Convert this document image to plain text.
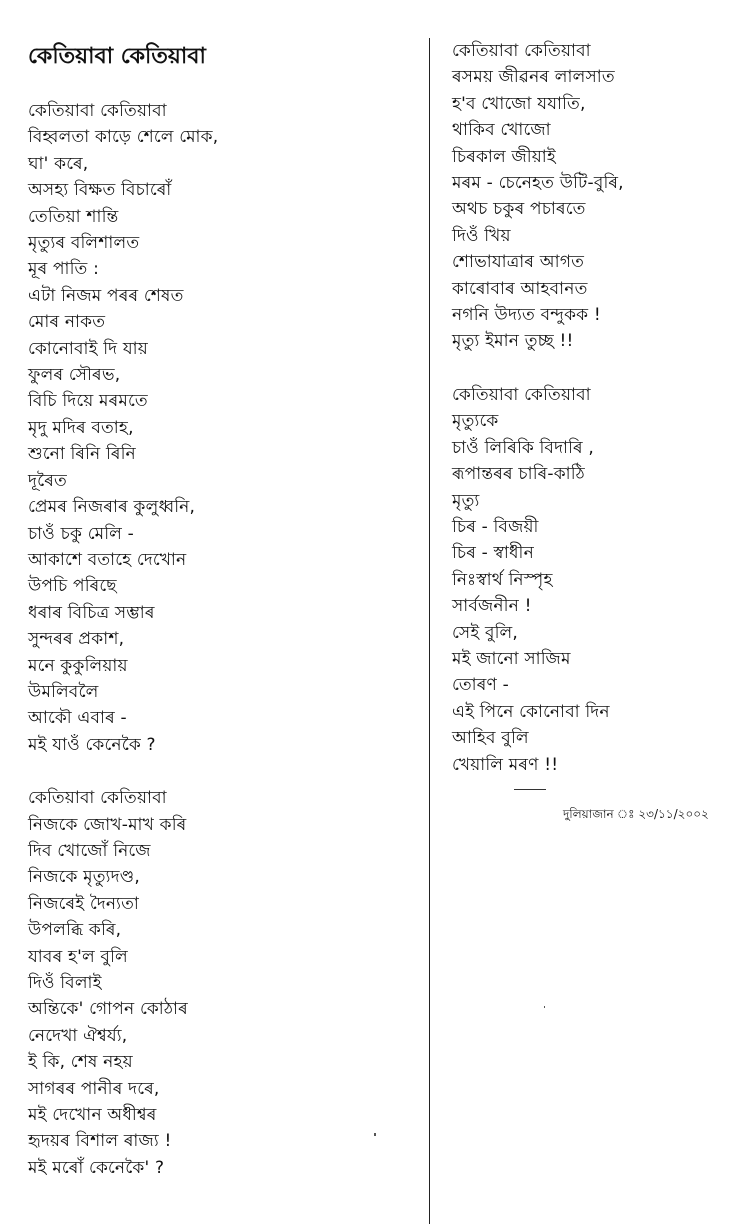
কেতিয়াবা কেতিয়াবা
কেতিয়াবা কেতিয়াবা
বিহ্বলতা কাড়ে শেলে মোক,
ঘা' কৰে,
অসহ্য বিক্ষত বিচাৰোঁ
তেতিয়া শান্তি
মৃত্যুৰ বলিশালত
মূৰ পাতি :
এটা নিজম পৰৰ শেষত
মোৰ নাকত
কোনোবাই দি যায়
ফুলৰ সৌৰভ,
বিচি দিয়ে মৰমতে
মৃদু মদিৰ বতাহ,
শুনো ৰিনি ৰিনি
দূৰৈত
প্ৰেমৰ নিজৰাৰ কুলুধ্বনি,
চাওঁ চকু মেলি -
আকাশে বতাহে দেখোন
উপচি পৰিছে
ধৰাৰ বিচিত্ৰ সম্ভাৰ
সুন্দৰৰ প্ৰকাশ,
মনে কুকুলিয়ায়
উমলিবলৈ
আকৌ এবাৰ -
মই যাওঁ কেনেকৈ ?
কেতিয়াবা কেতিয়াবা
নিজকে জোখ-মাখ কৰি
দিব খোজোঁ নিজে
নিজকে মৃত্যুদণ্ড,
নিজৰেই দৈন্যতা
উপলব্ধি কৰি,
যাবৰ হ'ল বুলি
দিওঁ বিলাই
অন্তিকে' গোপন কোঠাৰ
নেদেখা ঐশ্বৰ্য্য,
ই কি, শেষ নহয়
সাগৰৰ পানীৰ দৰে,
মই দেখোন অধীশ্বৰ
হৃদয়ৰ বিশাল ৰাজ্য !
মই মৰোঁ কেনেকৈ' ?
কেতিয়াবা কেতিয়াবা
ৰসময় জীৱনৰ লালসাত
হ'ব খোজো যযাতি,
থাকিব খোজো
চিৰকাল জীয়াই
মৰম - চেনেহত উটি-বুৰি,
অথচ চকুৰ পচাৰতে
দিওঁ খিয়
শোভাযাত্ৰাৰ আগত
কাৰোবাৰ আহবানত
নগনি উদ্যত বন্দুকক !
মৃত্যু ইমান তুচ্ছ !!
কেতিয়াবা কেতিয়াবা
মৃত্যুকে
চাওঁ লিৰিকি বিদাৰি ,
ৰূপান্তৰৰ চাৰি-কাঠি
মৃত্যু
চিৰ - বিজয়ী
চিৰ - স্বাধীন
নিঃস্বাৰ্থ নিস্পৃহ
সাৰ্বজনীন !
সেই বুলি,
মই জানো সাজিম
তোৰণ -
এই পিনে কোনোবা দিন
আহিব বুলি
খেয়ালি মৰণ !!
দুলিয়াজান ঃ ২৩/১১/২০০২
